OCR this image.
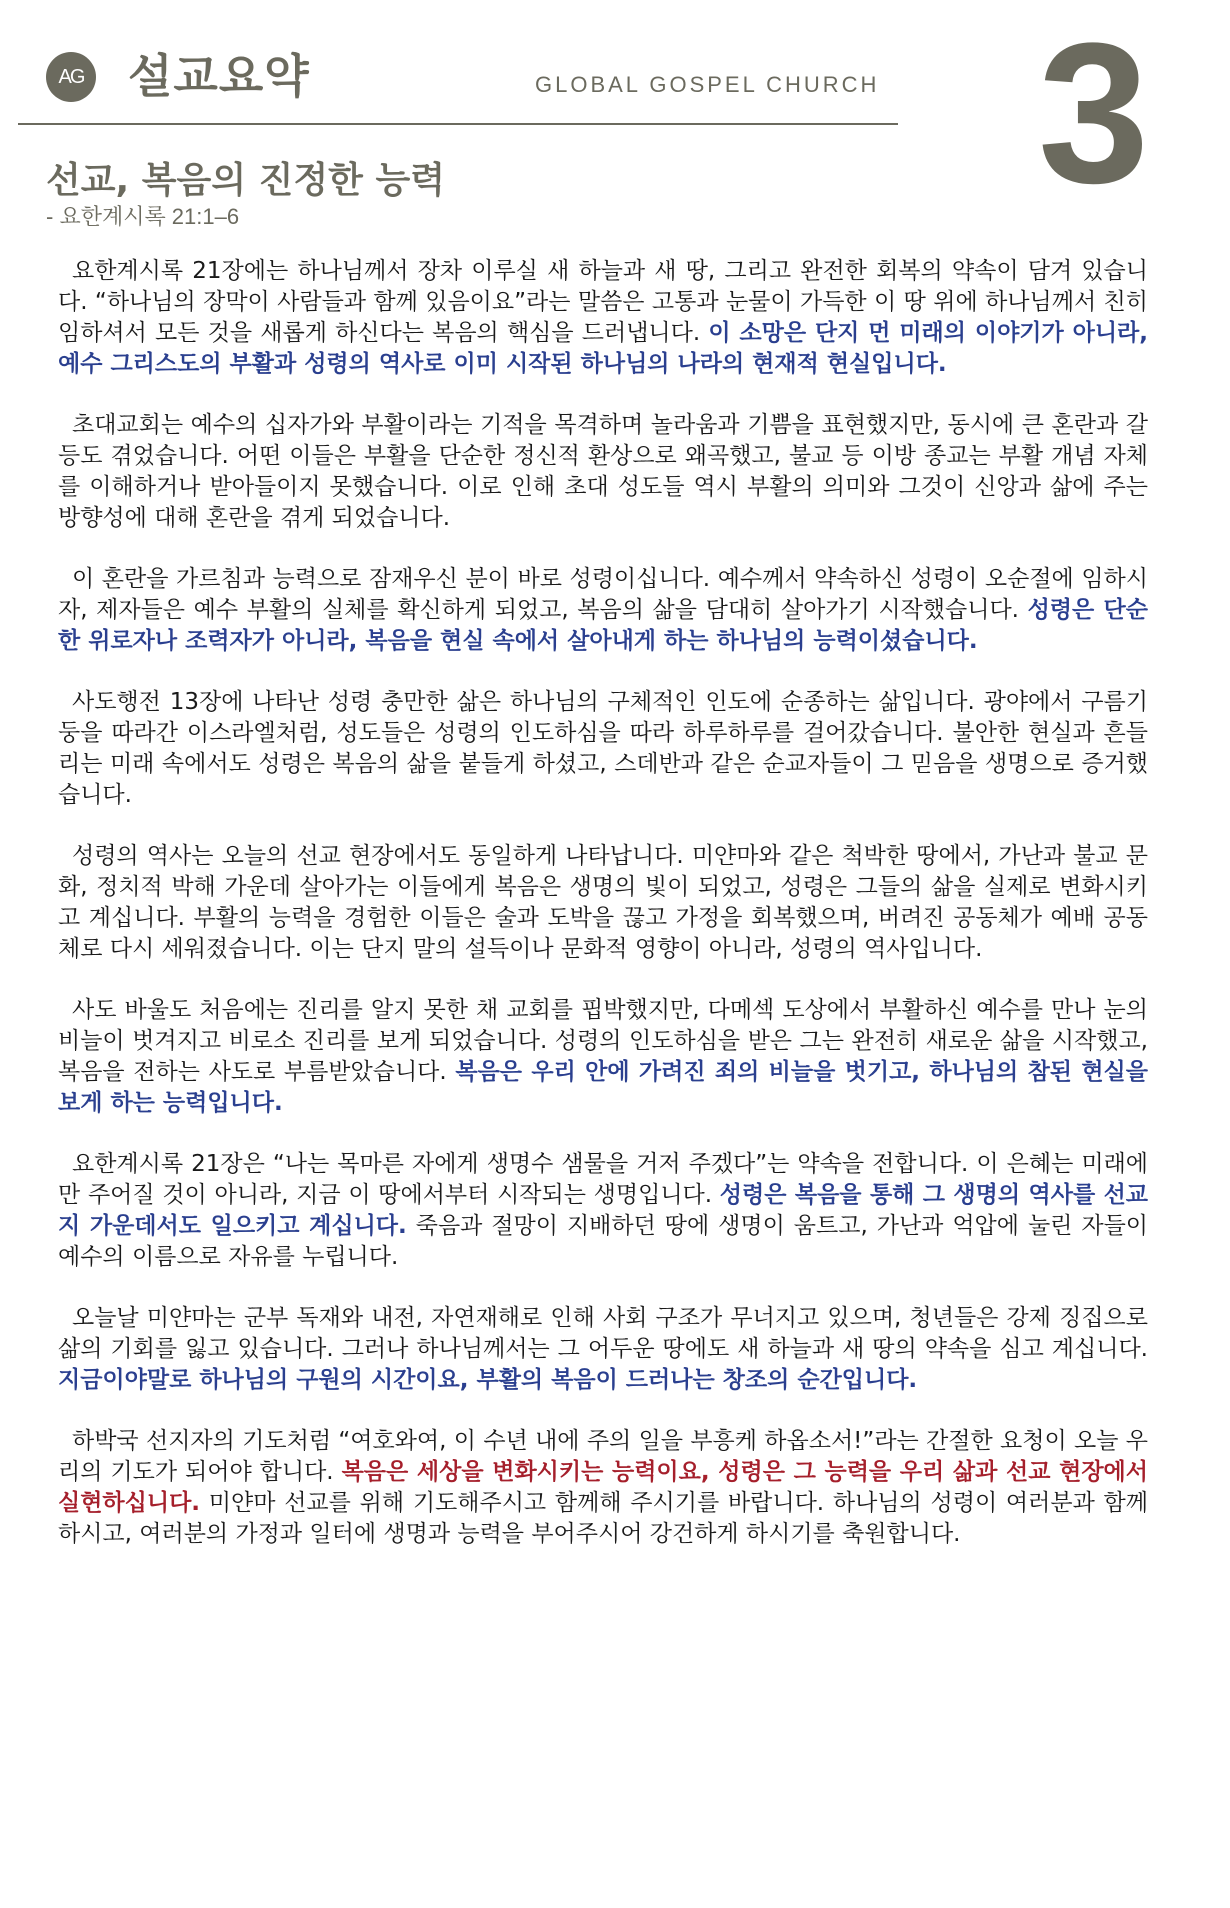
AG 설교요약	GLOBAL GOSPEL CHURCH 3
선교, 복음의 진정한 능력
- 요한계시록 21:1–6

요한계시록 21장에는 하나님께서 장차 이루실 새 하늘과 새 땅, 그리고 완전한 회복의 약속이 담겨 있습니다. “하나님의 장막이 사람들과 함께 있음이요”라는 말씀은 고통과 눈물이 가득한 이 땅 위에 하나님께서 친히 임하셔서 모든 것을 새롭게 하신다는 복음의 핵심을 드러냅니다. 이 소망은 단지 먼 미래의 이야기가 아니라, 예수 그리스도의 부활과 성령의 역사로 이미 시작된 하나님의 나라의 현재적 현실입니다.

초대교회는 예수의 십자가와 부활이라는 기적을 목격하며 놀라움과 기쁨을 표현했지만, 동시에 큰 혼란과 갈등도 겪었습니다. 어떤 이들은 부활을 단순한 정신적 환상으로 왜곡했고, 불교 등 이방 종교는 부활 개념 자체를 이해하거나 받아들이지 못했습니다. 이로 인해 초대 성도들 역시 부활의 의미와 그것이 신앙과 삶에 주는 방향성에 대해 혼란을 겪게 되었습니다.

이 혼란을 가르침과 능력으로 잠재우신 분이 바로 성령이십니다. 예수께서 약속하신 성령이 오순절에 임하시자, 제자들은 예수 부활의 실체를 확신하게 되었고, 복음의 삶을 담대히 살아가기 시작했습니다. 성령은 단순한 위로자나 조력자가 아니라, 복음을 현실 속에서 살아내게 하는 하나님의 능력이셨습니다.

사도행전 13장에 나타난 성령 충만한 삶은 하나님의 구체적인 인도에 순종하는 삶입니다. 광야에서 구름기둥을 따라간 이스라엘처럼, 성도들은 성령의 인도하심을 따라 하루하루를 걸어갔습니다. 불안한 현실과 흔들리는 미래 속에서도 성령은 복음의 삶을 붙들게 하셨고, 스데반과 같은 순교자들이 그 믿음을 생명으로 증거했습니다.

성령의 역사는 오늘의 선교 현장에서도 동일하게 나타납니다. 미얀마와 같은 척박한 땅에서, 가난과 불교 문화, 정치적 박해 가운데 살아가는 이들에게 복음은 생명의 빛이 되었고, 성령은 그들의 삶을 실제로 변화시키고 계십니다. 부활의 능력을 경험한 이들은 술과 도박을 끊고 가정을 회복했으며, 버려진 공동체가 예배 공동체로 다시 세워졌습니다. 이는 단지 말의 설득이나 문화적 영향이 아니라, 성령의 역사입니다.

사도 바울도 처음에는 진리를 알지 못한 채 교회를 핍박했지만, 다메섹 도상에서 부활하신 예수를 만나 눈의 비늘이 벗겨지고 비로소 진리를 보게 되었습니다. 성령의 인도하심을 받은 그는 완전히 새로운 삶을 시작했고, 복음을 전하는 사도로 부름받았습니다. 복음은 우리 안에 가려진 죄의 비늘을 벗기고, 하나님의 참된 현실을 보게 하는 능력입니다.

요한계시록 21장은 “나는 목마른 자에게 생명수 샘물을 거저 주겠다”는 약속을 전합니다. 이 은혜는 미래에만 주어질 것이 아니라, 지금 이 땅에서부터 시작되는 생명입니다. 성령은 복음을 통해 그 생명의 역사를 선교지 가운데서도 일으키고 계십니다. 죽음과 절망이 지배하던 땅에 생명이 움트고, 가난과 억압에 눌린 자들이 예수의 이름으로 자유를 누립니다.

오늘날 미얀마는 군부 독재와 내전, 자연재해로 인해 사회 구조가 무너지고 있으며, 청년들은 강제 징집으로 삶의 기회를 잃고 있습니다. 그러나 하나님께서는 그 어두운 땅에도 새 하늘과 새 땅의 약속을 심고 계십니다. 지금이야말로 하나님의 구원의 시간이요, 부활의 복음이 드러나는 창조의 순간입니다.

하박국 선지자의 기도처럼 “여호와여, 이 수년 내에 주의 일을 부흥케 하옵소서!”라는 간절한 요청이 오늘 우리의 기도가 되어야 합니다. 복음은 세상을 변화시키는 능력이요, 성령은 그 능력을 우리 삶과 선교 현장에서 실현하십니다. 미얀마 선교를 위해 기도해주시고 함께해 주시기를 바랍니다. 하나님의 성령이 여러분과 함께하시고, 여러분의 가정과 일터에 생명과 능력을 부어주시어 강건하게 하시기를 축원합니다.
